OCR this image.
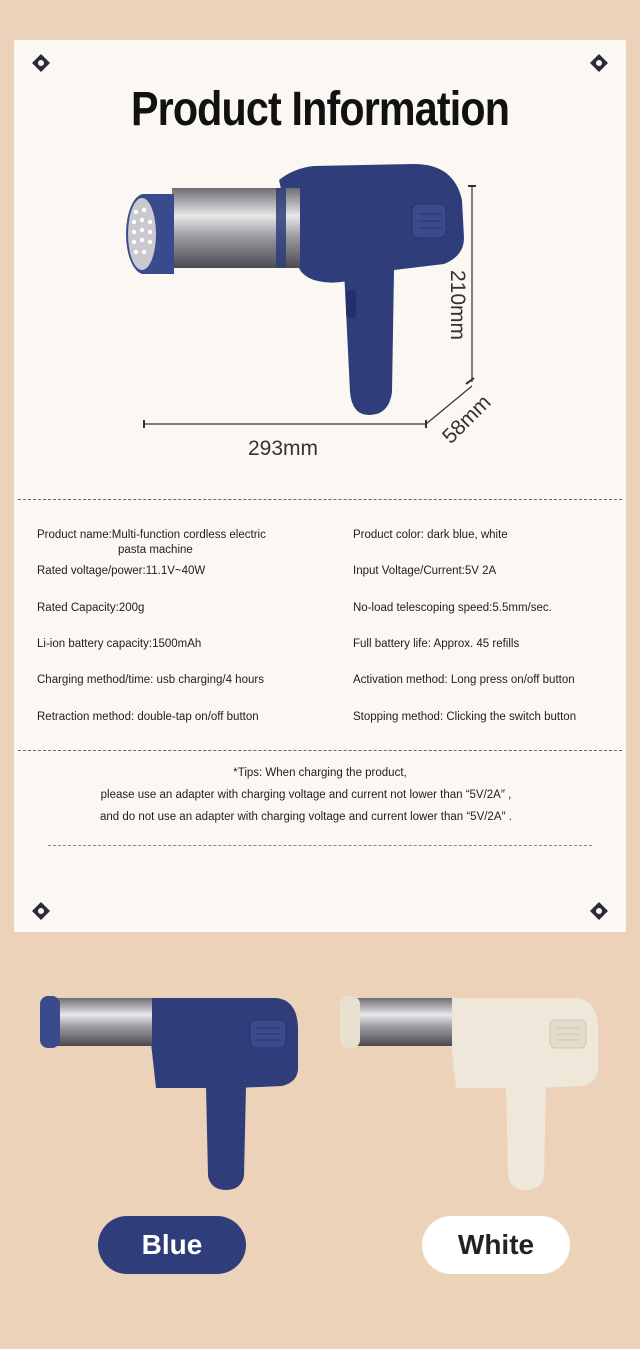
Product Information
293mm
210mm
58mm
Product name:Multi-function cordless electric
pasta machine
Rated voltage/power:11.1V~40W
Rated Capacity:200g
Li-ion battery capacity:1500mAh
Charging method/time: usb charging/4 hours
Retraction method: double-tap on/off button
Product color: dark blue, white
Input Voltage/Current:5V 2A
No-load telescoping speed:5.5mm/sec.
Full battery life: Approx. 45 refills
Activation method: Long press on/off button
Stopping method: Clicking the switch button
*Tips: When charging the product,
please use an adapter with charging voltage and current not lower than “5V/2A″ ,
and do not use an adapter with charging voltage and current lower than “5V/2A″ .
Blue	White
